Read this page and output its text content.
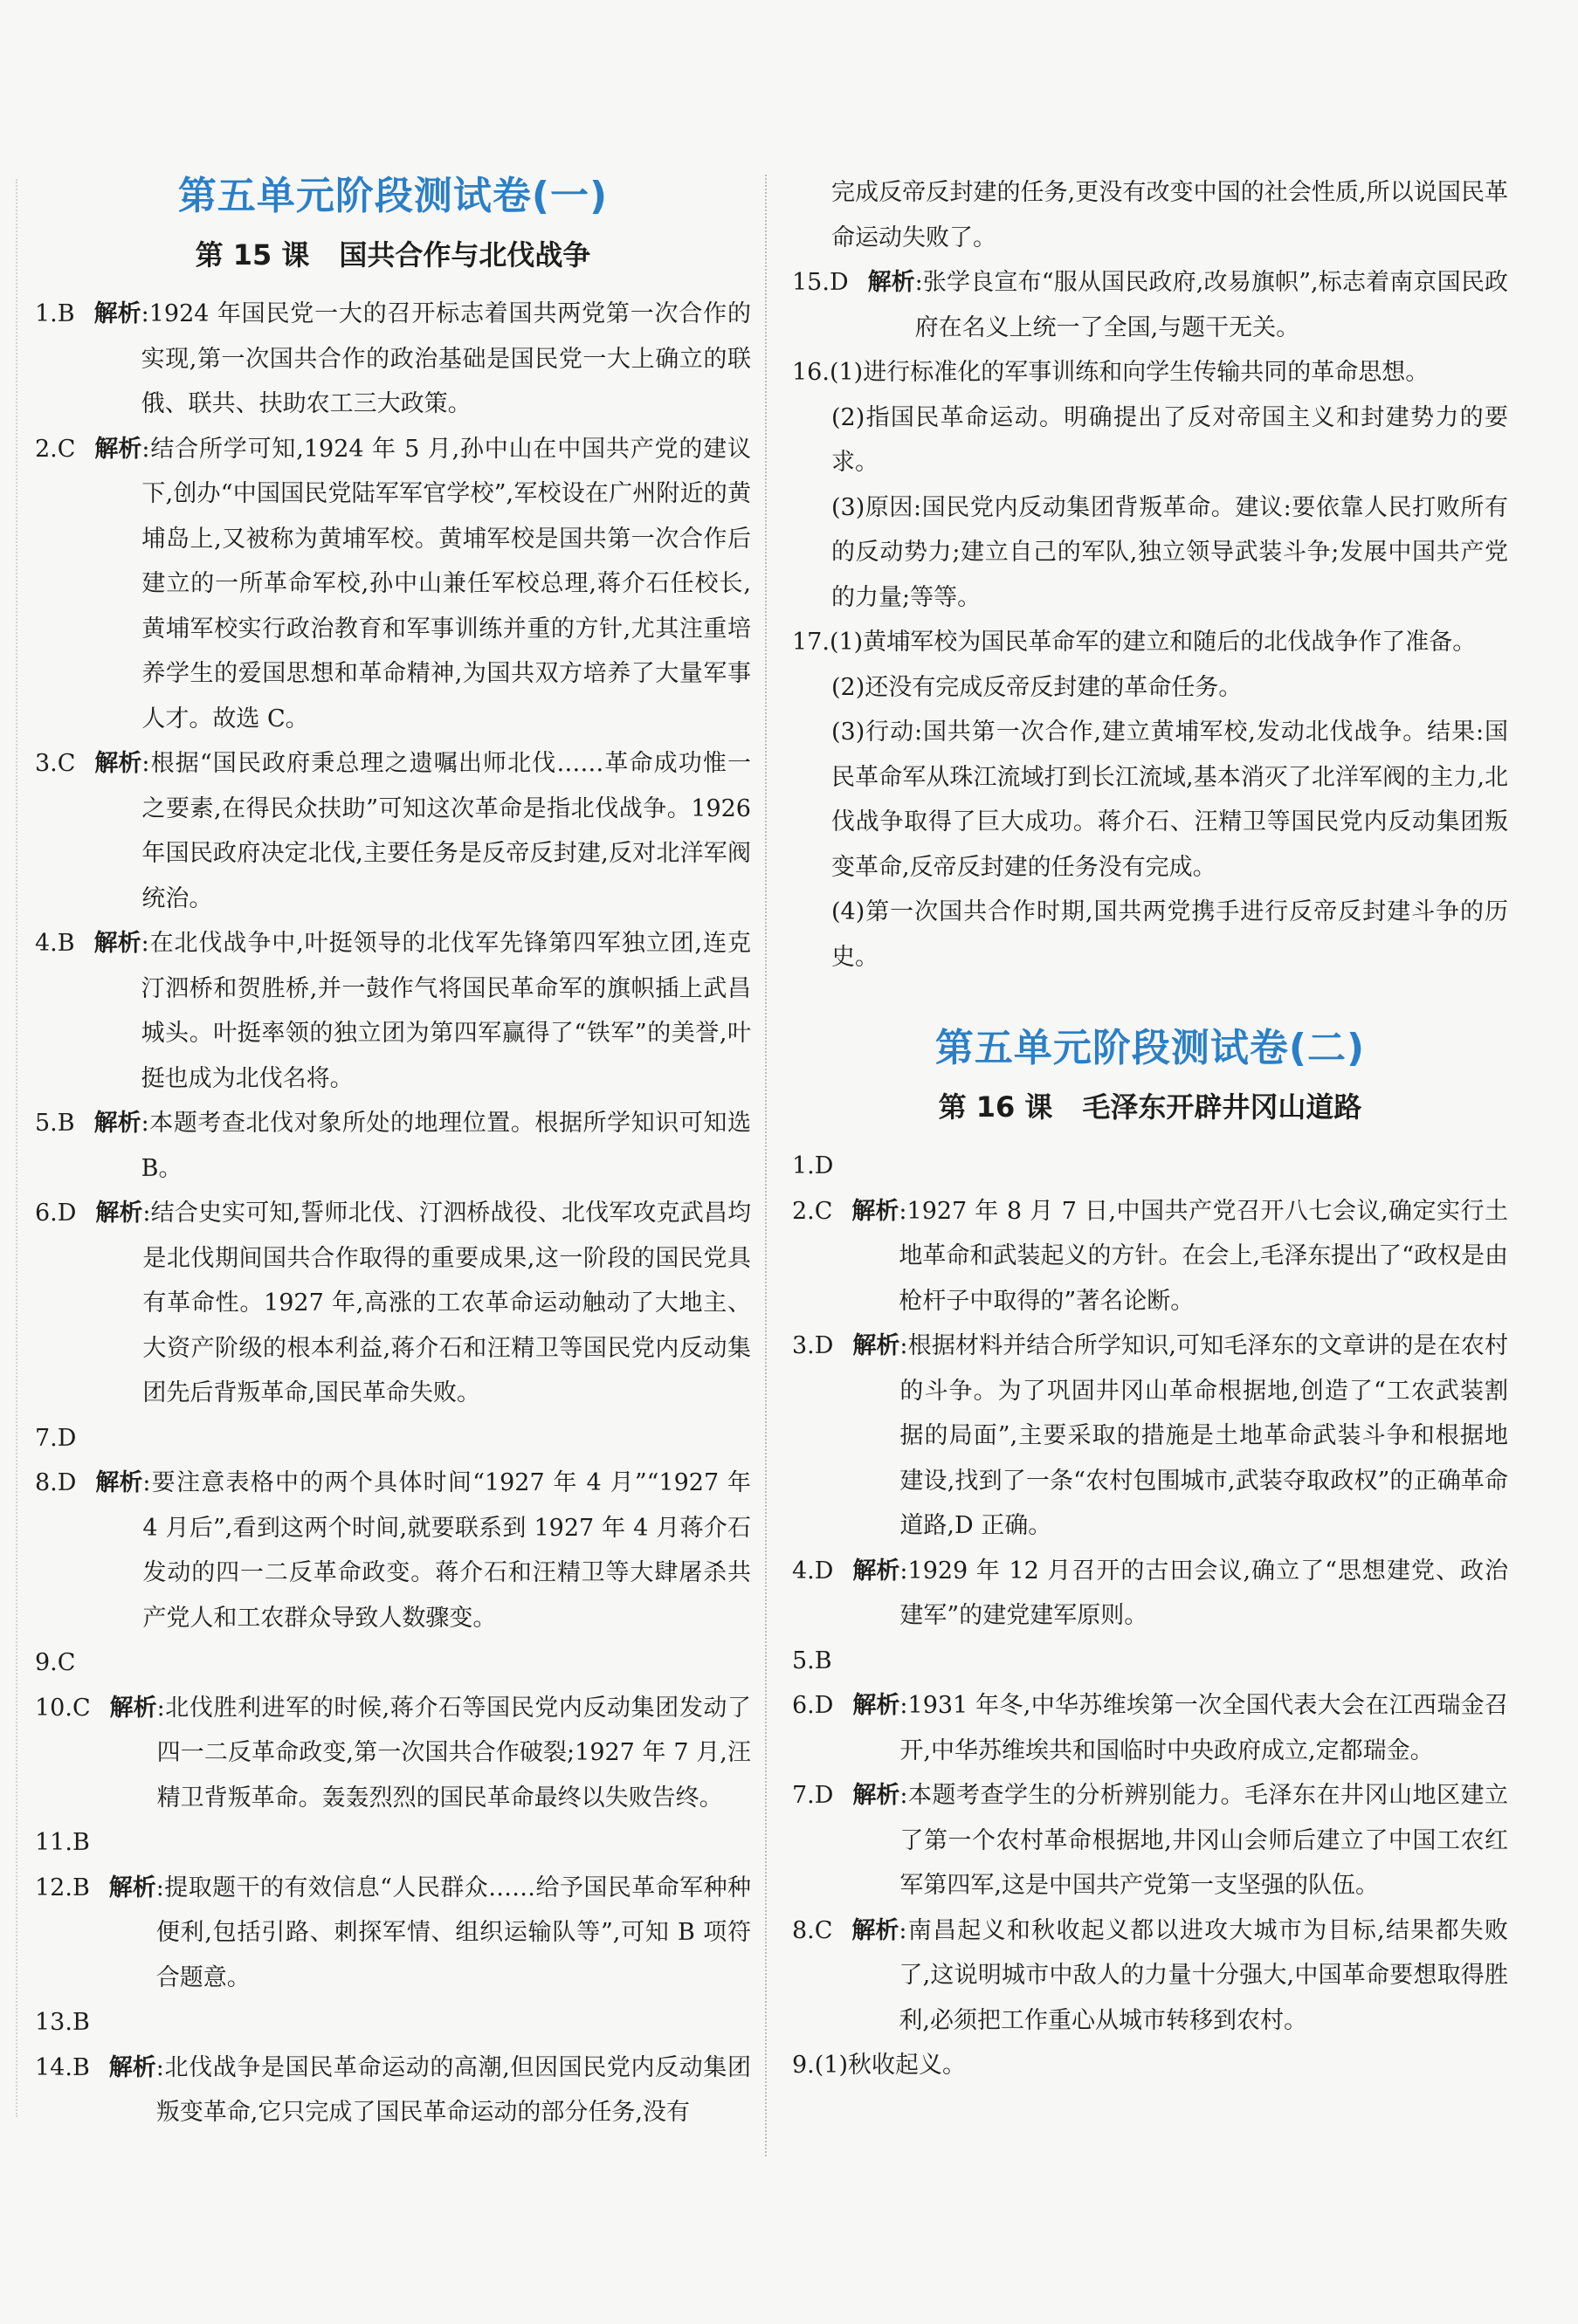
第五单元阶段测试卷(一)
第 15 课 国共合作与北伐战争
1.B 解析 :1924 年国民党一大的召开标志着国共两党第一次合作的实现,第一次国共合作的政治基础是国民党一大上确立的联俄、联共、扶助农工三大政策。
2.C 解析 :结合所学可知,1924 年 5 月,孙中山在中国共产党的建议下,创办“中国国民党陆军军官学校”,军校设在广州附近的黄埔岛上,又被称为黄埔军校。黄埔军校是国共第一次合作后建立的一所革命军校,孙中山兼任军校总理,蒋介石任校长,黄埔军校实行政治教育和军事训练并重的方针,尤其注重培养学生的爱国思想和革命精神,为国共双方培养了大量军事人才。故选 C。
3.C 解析 :根据“国民政府秉总理之遗嘱出师北伐……革命成功惟一之要素,在得民众扶助”可知这次革命是指北伐战争。1926 年国民政府决定北伐,主要任务是反帝反封建,反对北洋军阀统治。
4.B 解析 :在北伐战争中,叶挺领导的北伐军先锋第四军独立团,连克汀泗桥和贺胜桥,并一鼓作气将国民革命军的旗帜插上武昌城头。叶挺率领的独立团为第四军赢得了“铁军”的美誉,叶挺也成为北伐名将。
5.B 解析 :本题考查北伐对象所处的地理位置。根据所学知识可知选 B。
6.D 解析 :结合史实可知,誓师北伐、汀泗桥战役、北伐军攻克武昌均是北伐期间国共合作取得的重要成果,这一阶段的国民党具有革命性。1927 年,高涨的工农革命运动触动了大地主、大资产阶级的根本利益,蒋介石和汪精卫等国民党内反动集团先后背叛革命,国民革命失败。
7.D
8.D 解析 :要注意表格中的两个具体时间“1927 年 4 月”“1927 年 4 月后”,看到这两个时间,就要联系到 1927 年 4 月蒋介石发动的四一二反革命政变。蒋介石和汪精卫等大肆屠杀共产党人和工农群众导致人数骤变。
9.C
10.C 解析 :北伐胜利进军的时候,蒋介石等国民党内反动集团发动了四一二反革命政变,第一次国共合作破裂;1927 年 7 月,汪精卫背叛革命。轰轰烈烈的国民革命最终以失败告终。
11.B
12.B 解析 :提取题干的有效信息“人民群众……给予国民革命军种种便利,包括引路、刺探军情、组织运输队等”,可知 B 项符合题意。
13.B
14.B 解析 :北伐战争是国民革命运动的高潮,但因国民党内反动集团叛变革命,它只完成了国民革命运动的部分任务,没有
完成反帝反封建的任务,更没有改变中国的社会性质,所以说国民革命运动失败了。
15.D 解析 :张学良宣布“服从国民政府,改易旗帜”,标志着南京国民政府在名义上统一了全国,与题干无关。
16. (1)进行标准化的军事训练和向学生传输共同的革命思想。
(2)指国民革命运动。明确提出了反对帝国主义和封建势力的要求。
(3)原因:国民党内反动集团背叛革命。建议:要依靠人民打败所有的反动势力;建立自己的军队,独立领导武装斗争;发展中国共产党的力量;等等。
17. (1)黄埔军校为国民革命军的建立和随后的北伐战争作了准备。
(2)还没有完成反帝反封建的革命任务。
(3)行动:国共第一次合作,建立黄埔军校,发动北伐战争。结果:国民革命军从珠江流域打到长江流域,基本消灭了北洋军阀的主力,北伐战争取得了巨大成功。蒋介石、汪精卫等国民党内反动集团叛变革命,反帝反封建的任务没有完成。
(4)第一次国共合作时期,国共两党携手进行反帝反封建斗争的历史。
第五单元阶段测试卷(二)
第 16 课 毛泽东开辟井冈山道路
1.D
2.C 解析 :1927 年 8 月 7 日,中国共产党召开八七会议,确定实行土地革命和武装起义的方针。在会上,毛泽东提出了“政权是由枪杆子中取得的”著名论断。
3.D 解析 :根据材料并结合所学知识,可知毛泽东的文章讲的是在农村的斗争。为了巩固井冈山革命根据地,创造了“工农武装割据的局面”,主要采取的措施是土地革命武装斗争和根据地建设,找到了一条“农村包围城市,武装夺取政权”的正确革命道路,D 正确。
4.D 解析 :1929 年 12 月召开的古田会议,确立了“思想建党、政治建军”的建党建军原则。
5.B
6.D 解析 :1931 年冬,中华苏维埃第一次全国代表大会在江西瑞金召开,中华苏维埃共和国临时中央政府成立,定都瑞金。
7.D 解析 :本题考查学生的分析辨别能力。毛泽东在井冈山地区建立了第一个农村革命根据地,井冈山会师后建立了中国工农红军第四军,这是中国共产党第一支坚强的队伍。
8.C 解析 :南昌起义和秋收起义都以进攻大城市为目标,结果都失败了,这说明城市中敌人的力量十分强大,中国革命要想取得胜利,必须把工作重心从城市转移到农村。
9. (1)秋收起义。
